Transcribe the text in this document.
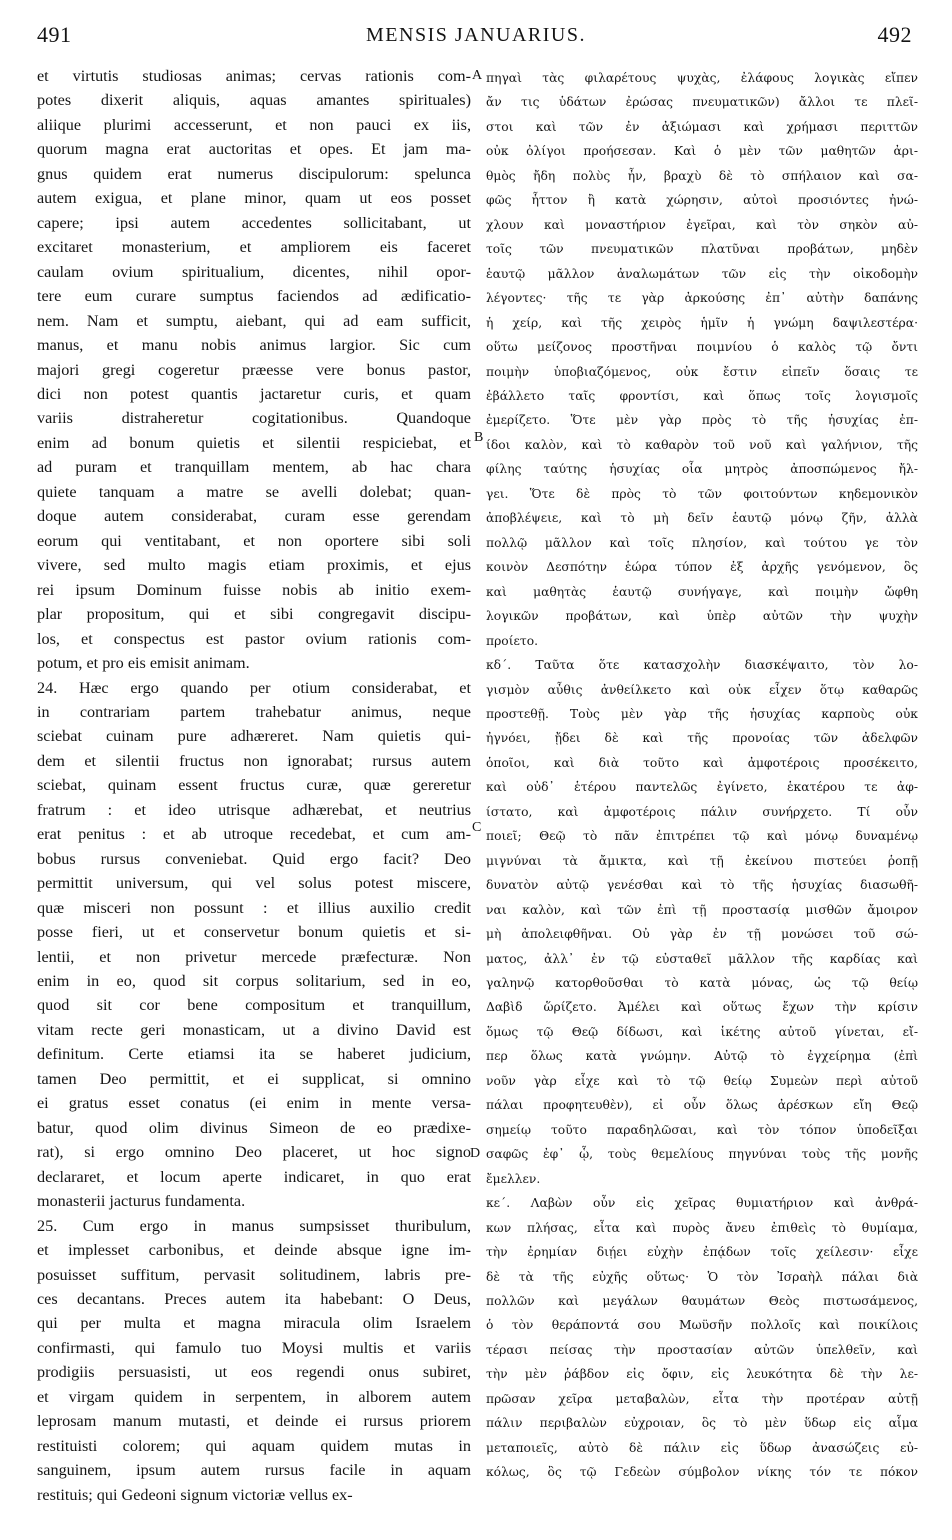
491	MENSIS JANUARIUS.	492
et virtutis studiosas animas; cervas rationis com-
potes dixerit aliquis, aquas amantes spirituales)
aliique plurimi accesserunt, et non pauci ex iis,
quorum magna erat auctoritas et opes. Et jam ma-
gnus quidem erat numerus discipulorum: spelunca
autem exigua, et plane minor, quam ut eos posset
capere; ipsi autem accedentes sollicitabant, ut
excitaret monasterium, et ampliorem eis faceret
caulam ovium spiritualium, dicentes, nihil opor-
tere eum curare sumptus faciendos ad ædificatio-
nem. Nam et sumptu, aiebant, qui ad eam sufficit,
manus, et manu nobis animus largior. Sic cum
majori gregi cogeretur præesse vere bonus pastor,
dici non potest quantis jactaretur curis, et quam
variis distraheretur cogitationibus. Quandoque
enim ad bonum quietis et silentii respiciebat, et
ad puram et tranquillam mentem, ab hac chara
quiete tanquam a matre se avelli dolebat; quan-
doque autem considerabat, curam esse gerendam
eorum qui ventitabant, et non oportere sibi soli
vivere, sed multo magis etiam proximis, et ejus
rei ipsum Dominum fuisse nobis ab initio exem-
plar propositum, qui et sibi congregavit discipu-
los, et conspectus est pastor ovium rationis com-
potum, et pro eis emisit animam.
24. Hæc ergo quando per otium considerabat, et
in contrariam partem trahebatur animus, neque
sciebat cuinam pure adhæreret. Nam quietis qui-
dem et silentii fructus non ignorabat; rursus autem
sciebat, quinam essent fructus curæ, quæ gereretur
fratrum : et ideo utrisque adhærebat, et neutrius
erat penitus : et ab utroque recedebat, et cum am-
bobus rursus conveniebat. Quid ergo facit? Deo
permittit universum, qui vel solus potest miscere,
quæ misceri non possunt : et illius auxilio credit
posse fieri, ut et conservetur bonum quietis et si-
lentii, et non privetur mercede præfecturæ. Non
enim in eo, quod sit corpus solitarium, sed in eo,
quod sit cor bene compositum et tranquillum,
vitam recte geri monasticam, ut a divino David est
definitum. Certe etiamsi ita se haberet judicium,
tamen Deo permittit, et ei supplicat, si omnino
ei gratus esset conatus (ei enim in mente versa-
batur, quod olim divinus Simeon de eo prædixe-
rat), si ergo omnino Deo placeret, ut hoc signo
declararet, et locum aperte indicaret, in quo erat
monasterii jacturus fundamenta.
25. Cum ergo in manus sumpsisset thuribulum,
et implesset carbonibus, et deinde absque igne im-
posuisset suffitum, pervasit solitudinem, labris pre-
ces decantans. Preces autem ita habebant: O Deus,
qui per multa et magna miracula olim Israelem
confirmasti, qui famulo tuo Moysi multis et variis
prodigiis persuasisti, ut eos regendi onus subiret,
et virgam quidem in serpentem, in alborem autem
leprosam manum mutasti, et deinde ei rursus priorem
restituisti colorem; qui aquam quidem mutas in
sanguinem, ipsum autem rursus facile in aquam
restituis; qui Gedeoni signum victoriæ vellus ex-
πηγαὶ τὰς φιλαρέτους ψυχὰς, ἐλάφους λογικὰς εἴπεν
ἄν τις ὑδάτων ἐρώσας πνευματικῶν) ἄλλοι τε πλεῖ-
στοι καὶ τῶν ἐν ἀξιώμασι καὶ χρήμασι περιττῶν
οὐκ ὀλίγοι προήσεσαν. Καὶ ὁ μὲν τῶν μαθητῶν ἀρι-
θμὸς ἤδη πολὺς ἦν, βραχὺ δὲ τὸ σπήλαιον καὶ σα-
φῶς ἧττον ἢ κατὰ χώρησιν, αὐτοὶ προσιόντες ἠνώ-
χλουν καὶ μοναστήριον ἐγεῖραι, καὶ τὸν σηκὸν αὐ-
τοῖς τῶν πνευματικῶν πλατῦναι προβάτων, μηδὲν
ἑαυτῷ μᾶλλον ἀναλωμάτων τῶν εἰς τὴν οἰκοδομὴν
λέγοντες· τῆς τε γὰρ ἀρκούσης ἐπ᾽ αὐτὴν δαπάνης
ἡ χείρ, καὶ τῆς χειρὸς ἡμῖν ἡ γνώμη δαψιλεστέρα·
οὕτω μείζονος προστῆναι ποιμνίου ὁ καλὸς τῷ ὄντι
ποιμὴν ὑποβιαζόμενος, οὐκ ἔστιν εἰπεῖν ὅσαις τε
ἐβάλλετο ταῖς φροντίσι, καὶ ὅπως τοῖς λογισμοῖς
ἐμερίζετο. Ὅτε μὲν γὰρ πρὸς τὸ τῆς ἡσυχίας ἐπ-
ίδοι καλὸν, καὶ τὸ καθαρὸν τοῦ νοῦ καὶ γαλήνιον, τῆς
φίλης ταύτης ἡσυχίας οἷα μητρὸς ἀποσπώμενος ἤλ-
γει. Ὅτε δὲ πρὸς τὸ τῶν φοιτούντων κηδεμονικὸν
ἀποβλέψειε, καὶ τὸ μὴ δεῖν ἑαυτῷ μόνῳ ζῆν, ἀλλὰ
πολλῷ μᾶλλον καὶ τοῖς πλησίον, καὶ τούτου γε τὸν
κοινὸν Δεσπότην ἑώρα τύπον ἐξ ἀρχῆς γενόμενον, ὃς
καὶ μαθητὰς ἑαυτῷ συνήγαγε, καὶ ποιμὴν ὤφθη
λογικῶν προβάτων, καὶ ὑπὲρ αὐτῶν τὴν ψυχὴν
προίετο.
κδ΄. Ταῦτα ὅτε κατασχολὴν διασκέψαιτο, τὸν λο-
γισμὸν αὖθις ἀνθείλκετο καὶ οὐκ εἶχεν ὅτῳ καθαρῶς
προστεθῇ. Τοὺς μὲν γὰρ τῆς ἡσυχίας καρποὺς οὐκ
ἠγνόει, ᾔδει δὲ καὶ τῆς προνοίας τῶν ἀδελφῶν
ὁποῖοι, καὶ διὰ τοῦτο καὶ ἀμφοτέροις προσέκειτο,
καὶ οὐδ᾽ ἑτέρου παντελῶς ἐγίνετο, ἑκατέρου τε ἀφ-
ίστατο, καὶ ἀμφοτέροις πάλιν συνήρχετο. Τί οὖν
ποιεῖ; Θεῷ τὸ πᾶν ἐπιτρέπει τῷ καὶ μόνῳ δυναμένῳ
μιγνύναι τὰ ἄμικτα, καὶ τῇ ἐκείνου πιστεύει ῥοπῇ
δυνατὸν αὐτῷ γενέσθαι καὶ τὸ τῆς ἡσυχίας διασωθῆ-
ναι καλὸν, καὶ τῶν ἐπὶ τῇ προστασίᾳ μισθῶν ἄμοιρον
μὴ ἀπολειφθῆναι. Οὐ γὰρ ἐν τῇ μονώσει τοῦ σώ-
ματος, ἀλλ᾽ ἐν τῷ εὐσταθεῖ μᾶλλον τῆς καρδίας καὶ
γαληνῷ κατορθοῦσθαι τὸ κατὰ μόνας, ὡς τῷ θείῳ
Δαβὶδ ὥρίζετο. Ἀμέλει καὶ οὕτως ἔχων τὴν κρίσιν
ὅμως τῷ Θεῷ δίδωσι, καὶ ἱκέτης αὐτοῦ γίνεται, εἴ-
περ ὅλως κατὰ γνώμην. Αὐτῷ τὸ ἐγχείρημα (ἐπὶ
νοῦν γὰρ εἶχε καὶ τὸ τῷ θείῳ Συμεὼν περὶ αὐτοῦ
πάλαι προφητευθὲν), εἰ οὖν ὅλως ἀρέσκων εἴη Θεῷ
σημείῳ τοῦτο παραδηλῶσαι, καὶ τὸν τόπον ὑποδεῖξαι
σαφῶς ἐφ᾽ ᾧ, τοὺς θεμελίους πηγνύναι τοὺς τῆς μονῆς
ἔμελλεν.
κε΄. Λαβὼν οὖν εἰς χεῖρας θυμιατήριον καὶ ἀνθρά-
κων πλήσας, εἶτα καὶ πυρὸς ἄνευ ἐπιθεὶς τὸ θυμίαμα,
τὴν ἐρημίαν διῄει εὐχὴν ἐπᾴδων τοῖς χείλεσιν· εἶχε
δὲ τὰ τῆς εὐχῆς οὕτως· Ὁ τὸν Ἰσραὴλ πάλαι διὰ
πολλῶν καὶ μεγάλων θαυμάτων Θεὸς πιστωσάμενος,
ὁ τὸν θεράποντά σου Μωϋσῆν πολλοῖς καὶ ποικίλοις
τέρασι πείσας τὴν προστασίαν αὐτῶν ὑπελθεῖν, καὶ
τὴν μὲν ῥάβδον εἰς ὄφιν, εἰς λευκότητα δὲ τὴν λε-
πρῶσαν χεῖρα μεταβαλὼν, εἶτα τὴν προτέραν αὐτῇ
πάλιν περιβαλὼν εὐχροιαν, ὃς τὸ μὲν ὕδωρ εἰς αἷμα
μεταποιεῖς, αὐτὸ δὲ πάλιν εἰς ὕδωρ ἀνασώζεις εὐ-
κόλως, ὃς τῷ Γεδεὼν σύμβολον νίκης τόν τε πόκον
A
B
C
D
